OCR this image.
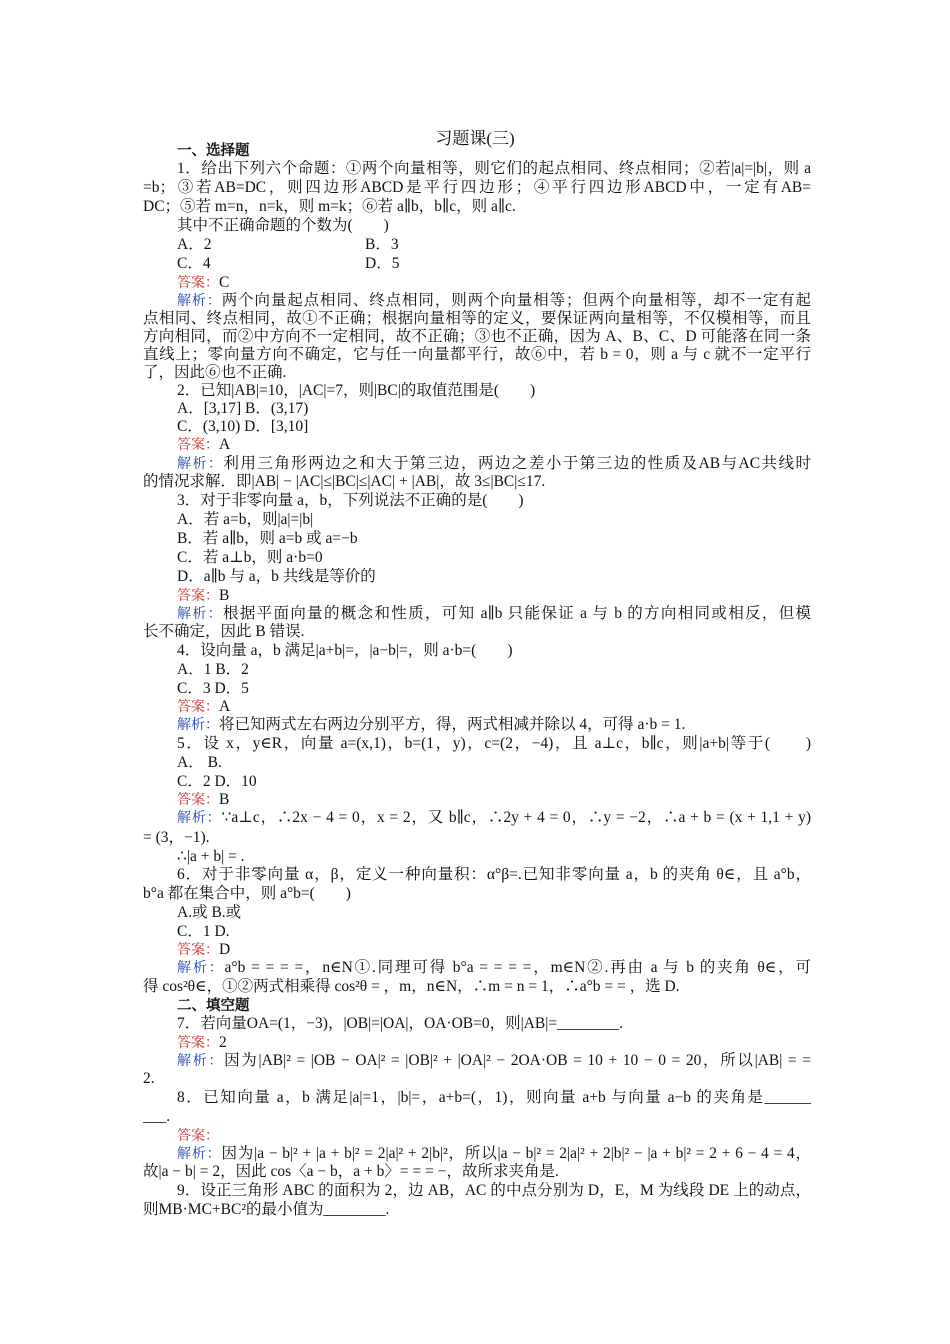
习题课(三)
一、选择题
1．给出下列六个命题：①两个向量相等，则它们的起点相同、终点相同；②若|a|=|b|，则 a
=b；③若AB=DC，则四边形ABCD是平行四边形；④平行四边形ABCD中，一定有AB=
DC；⑤若 m=n，n=k，则 m=k；⑥若 a∥b，b∥c，则 a∥c.
其中不正确命题的个数为(　　)
A．2	B．3
C．4	D．5
答案：C
解析：两个向量起点相同、终点相同，则两个向量相等；但两个向量相等，却不一定有起
点相同、终点相同，故①不正确；根据向量相等的定义，要保证两向量相等，不仅模相等，而且
方向相同，而②中方向不一定相同，故不正确；③也不正确，因为 A、B、C、D 可能落在同一条
直线上；零向量方向不确定，它与任一向量都平行，故⑥中，若 b = 0，则 a 与 c 就不一定平行
了，因此⑥也不正确.
2．已知|AB|=10，|AC|=7，则|BC|的取值范围是(　　)
A．[3,17] B．(3,17)
C．(3,10) D．[3,10]
答案：A
解析：利用三角形两边之和大于第三边，两边之差小于第三边的性质及AB与AC共线时
的情况求解．即|AB| − |AC|≤|BC|≤|AC| + |AB|，故 3≤|BC|≤17.
3．对于非零向量 a，b，下列说法不正确的是(　　)
A．若 a=b，则|a|=|b|
B．若 a∥b，则 a=b 或 a=−b
C．若 a⊥b，则 a·b=0
D．a∥b 与 a，b 共线是等价的
答案：B
解析：根据平面向量的概念和性质，可知 a∥b 只能保证 a 与 b 的方向相同或相反，但模
长不确定，因此 B 错误.
4．设向量 a，b 满足|a+b|=，|a−b|=，则 a·b=(　　)
A．1 B．2
C．3 D．5
答案：A
解析：将已知两式左右两边分别平方，得，两式相减并除以 4，可得 a·b = 1.
5．设 x，y∈R，向量 a=(x,1)，b=(1，y)，c=(2，−4)，且 a⊥c，b∥c，则|a+b|等于(　　)
A． B.
C．2 D．10
答案：B
解析：∵a⊥c，∴2x − 4 = 0，x = 2，又 b∥c，∴2y + 4 = 0，∴y = −2，∴a + b = (x + 1,1 + y)
= (3，−1).
∴|a + b| = .
6．对于非零向量 α，β，定义一种向量积：α°β=.已知非零向量 a，b 的夹角 θ∈，且 a°b，
b°a 都在集合中，则 a°b=(　　)
A.或 B.或
C．1 D.
答案：D
解析：a°b = = = =，n∈N①.同理可得 b°a = = = =，m∈N②.再由 a 与 b 的夹角 θ∈，可
得 cos²θ∈，①②两式相乘得 cos²θ = ，m，n∈N，∴m = n = 1，∴a°b = = ，选 D.
二、填空题
7．若向量OA=(1，−3)，|OB|=|OA|，OA·OB=0，则|AB|=________.
答案：2
解析：因为|AB|² = |OB − OA|² = |OB|² + |OA|² − 2OA·OB = 10 + 10 − 0 = 20，所以|AB| = =
2.
8．已知向量 a，b 满足|a|=1，|b|=，a+b=(，1)，则向量 a+b 与向量 a−b 的夹角是______
___.
答案：
解析：因为|a − b|² + |a + b|² = 2|a|² + 2|b|²，所以|a − b|² = 2|a|² + 2|b|² − |a + b|² = 2 + 6 − 4 = 4，
故|a − b| = 2，因此 cos〈a − b，a + b〉= = = −，故所求夹角是.
9．设正三角形 ABC 的面积为 2，边 AB，AC 的中点分别为 D，E，M 为线段 DE 上的动点，
则MB·MC+BC²的最小值为________.
